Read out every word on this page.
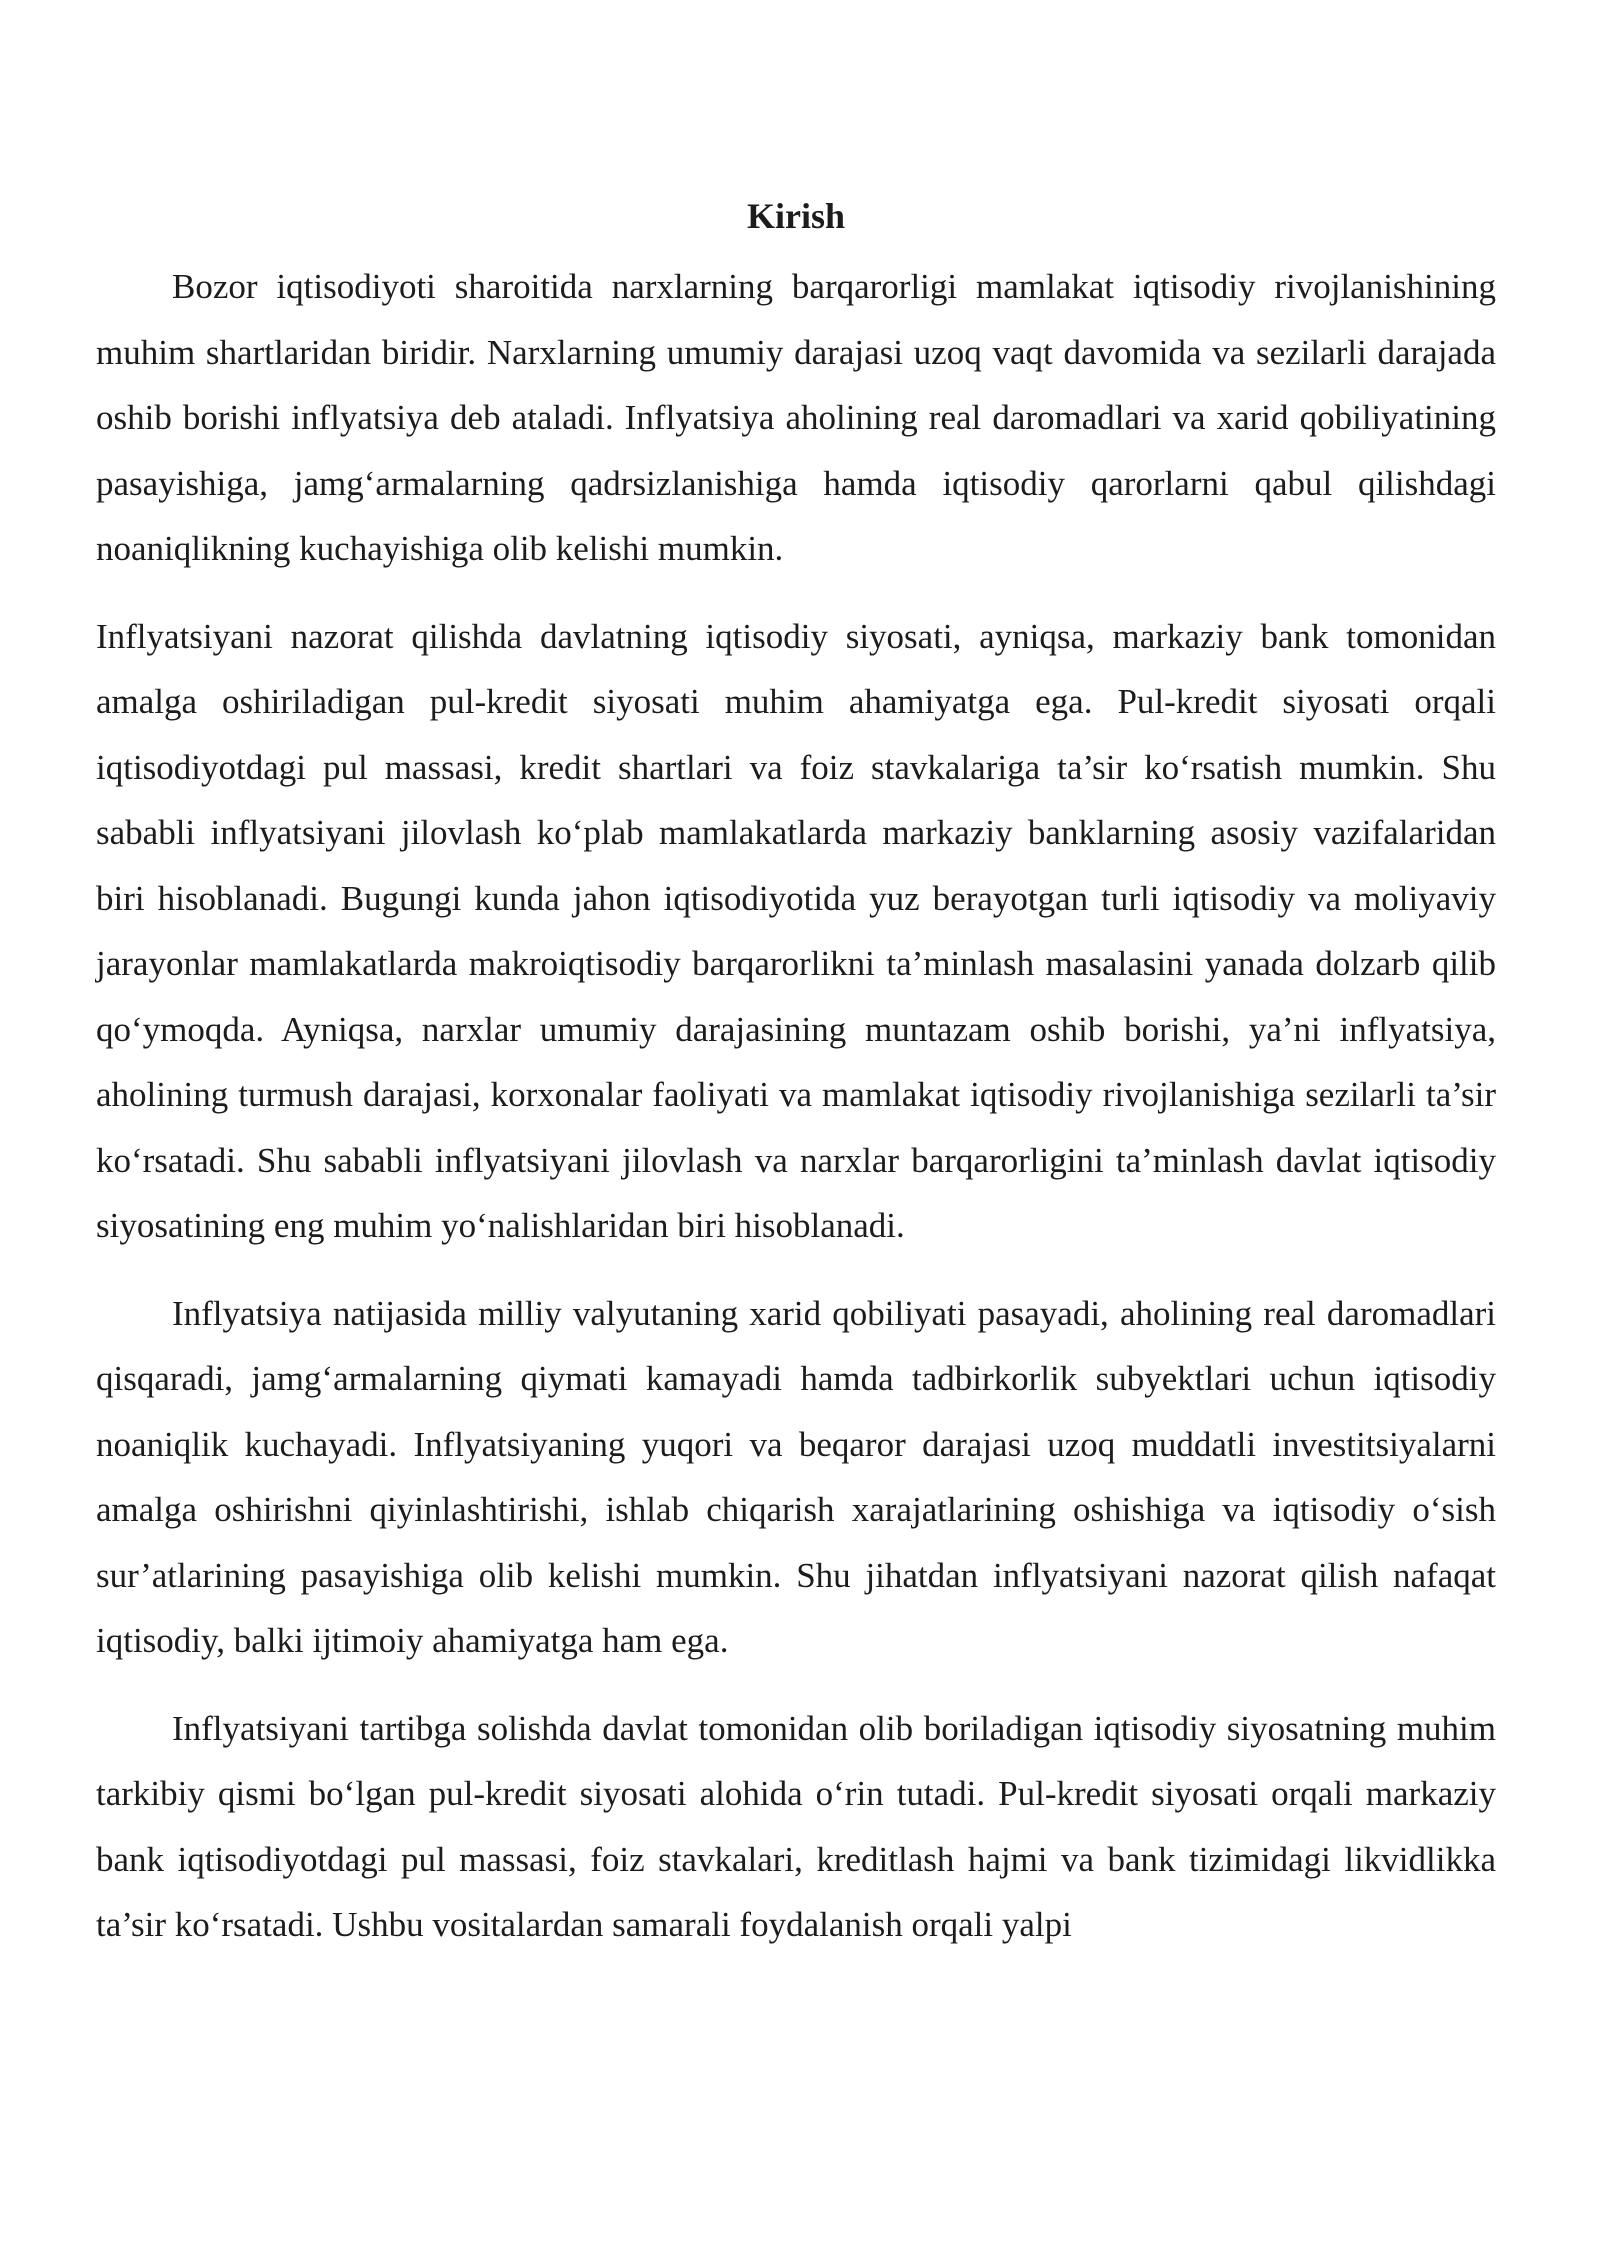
Kirish

Bozor iqtisodiyoti sharoitida narxlarning barqarorligi mamlakat iqtisodiy rivojlanishining muhim shartlaridan biridir. Narxlarning umumiy darajasi uzoq vaqt davomida va sezilarli darajada oshib borishi inflyatsiya deb ataladi. Inflyatsiya aholining real daromadlari va xarid qobiliyatining pasayishiga, jamg‘armalarning qadrsizlanishiga hamda iqtisodiy qarorlarni qabul qilishdagi noaniqlikning kuchayishiga olib kelishi mumkin.

Inflyatsiyani nazorat qilishda davlatning iqtisodiy siyosati, ayniqsa, markaziy bank tomonidan amalga oshiriladigan pul-kredit siyosati muhim ahamiyatga ega. Pul-kredit siyosati orqali iqtisodiyotdagi pul massasi, kredit shartlari va foiz stavkalariga ta’sir ko‘rsatish mumkin. Shu sababli inflyatsiyani jilovlash ko‘plab mamlakatlarda markaziy banklarning asosiy vazifalaridan biri hisoblanadi. Bugungi kunda jahon iqtisodiyotida yuz berayotgan turli iqtisodiy va moliyaviy jarayonlar mamlakatlarda makroiqtisodiy barqarorlikni ta’minlash masalasini yanada dolzarb qilib qo‘ymoqda. Ayniqsa, narxlar umumiy darajasining muntazam oshib borishi, ya’ni inflyatsiya, aholining turmush darajasi, korxonalar faoliyati va mamlakat iqtisodiy rivojlanishiga sezilarli ta’sir ko‘rsatadi. Shu sababli inflyatsiyani jilovlash va narxlar barqarorligini ta’minlash davlat iqtisodiy siyosatining eng muhim yo‘nalishlaridan biri hisoblanadi.

Inflyatsiya natijasida milliy valyutaning xarid qobiliyati pasayadi, aholining real daromadlari qisqaradi, jamg‘armalarning qiymati kamayadi hamda tadbirkorlik subyektlari uchun iqtisodiy noaniqlik kuchayadi. Inflyatsiyaning yuqori va beqaror darajasi uzoq muddatli investitsiyalarni amalga oshirishni qiyinlashtirishi, ishlab chiqarish xarajatlarining oshishiga va iqtisodiy o‘sish sur’atlarining pasayishiga olib kelishi mumkin. Shu jihatdan inflyatsiyani nazorat qilish nafaqat iqtisodiy, balki ijtimoiy ahamiyatga ham ega.

Inflyatsiyani tartibga solishda davlat tomonidan olib boriladigan iqtisodiy siyosatning muhim tarkibiy qismi bo‘lgan pul-kredit siyosati alohida o‘rin tutadi. Pul-kredit siyosati orqali markaziy bank iqtisodiyotdagi pul massasi, foiz stavkalari, kreditlash hajmi va bank tizimidagi likvidlikka ta’sir ko‘rsatadi. Ushbu vositalardan samarali foydalanish orqali yalpi
